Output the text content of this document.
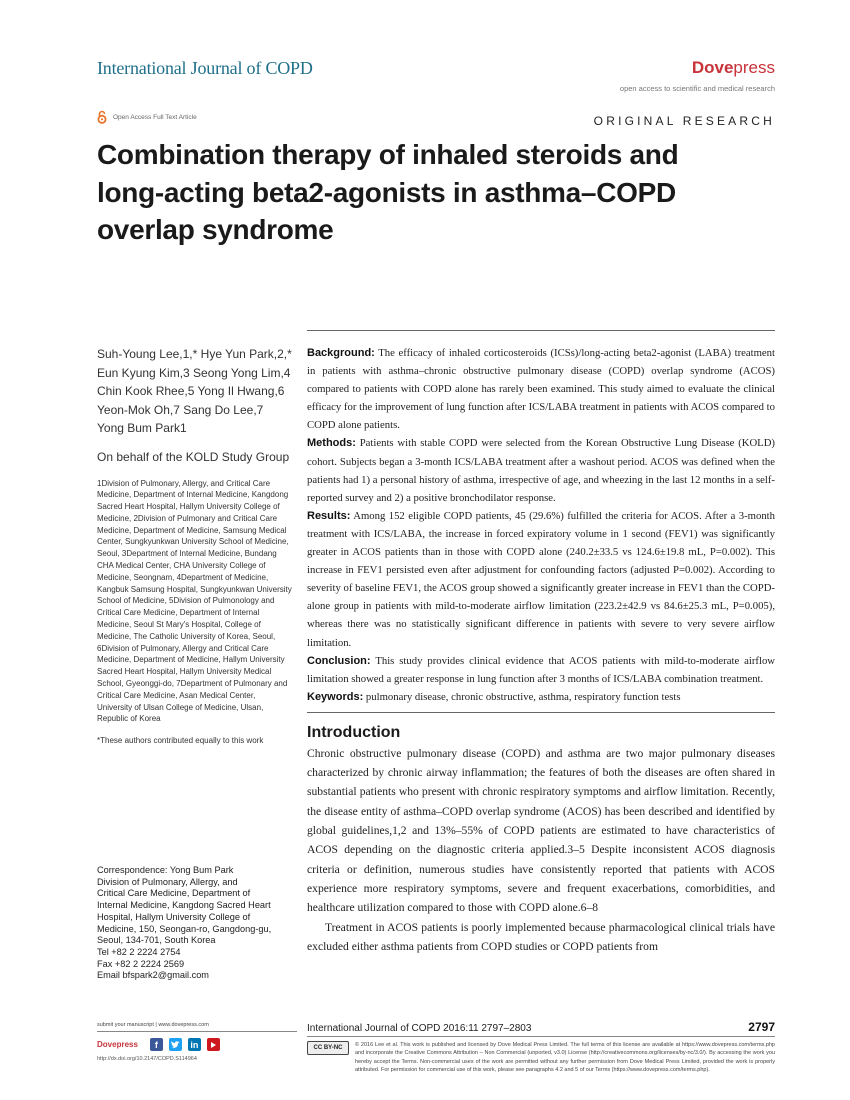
International Journal of COPD	Dovepress
open access to scientific and medical research
Open Access Full Text Article	ORIGINAL RESEARCH
Combination therapy of inhaled steroids and long-acting beta2-agonists in asthma–COPD overlap syndrome
Suh-Young Lee,1,* Hye Yun Park,2,* Eun Kyung Kim,3 Seong Yong Lim,4 Chin Kook Rhee,5 Yong Il Hwang,6 Yeon-Mok Oh,7 Sang Do Lee,7 Yong Bum Park1
On behalf of the KOLD Study Group
1Division of Pulmonary, Allergy, and Critical Care Medicine, Department of Internal Medicine, Kangdong Sacred Heart Hospital, Hallym University College of Medicine, 2Division of Pulmonary and Critical Care Medicine, Department of Medicine, Samsung Medical Center, Sungkyunkwan University School of Medicine, Seoul, 3Department of Internal Medicine, Bundang CHA Medical Center, CHA University College of Medicine, Seongnam, 4Department of Medicine, Kangbuk Samsung Hospital, Sungkyunkwan University School of Medicine, 5Division of Pulmonology and Critical Care Medicine, Department of Internal Medicine, Seoul St Mary's Hospital, College of Medicine, The Catholic University of Korea, Seoul, 6Division of Pulmonary, Allergy and Critical Care Medicine, Department of Medicine, Hallym University Sacred Heart Hospital, Hallym University Medical School, Gyeonggi-do, 7Department of Pulmonary and Critical Care Medicine, Asan Medical Center, University of Ulsan College of Medicine, Ulsan, Republic of Korea
*These authors contributed equally to this work
Correspondence: Yong Bum Park
Division of Pulmonary, Allergy, and
Critical Care Medicine, Department of
Internal Medicine, Kangdong Sacred Heart
Hospital, Hallym University College of
Medicine, 150, Seongan-ro, Gangdong-gu,
Seoul, 134-701, South Korea
Tel +82 2 2224 2754
Fax +82 2 2224 2569
Email bfspark2@gmail.com

Background: The efficacy of inhaled corticosteroids (ICSs)/long-acting beta2-agonist (LABA) treatment in patients with asthma–chronic obstructive pulmonary disease (COPD) overlap syndrome (ACOS) compared to patients with COPD alone has rarely been examined. This study aimed to evaluate the clinical efficacy for the improvement of lung function after ICS/LABA treatment in patients with ACOS compared to COPD alone patients.

Methods: Patients with stable COPD were selected from the Korean Obstructive Lung Disease (KOLD) cohort. Subjects began a 3-month ICS/LABA treatment after a washout period. ACOS was defined when the patients had 1) a personal history of asthma, irrespective of age, and wheezing in the last 12 months in a self-reported survey and 2) a positive bronchodilator response.

Results: Among 152 eligible COPD patients, 45 (29.6%) fulfilled the criteria for ACOS. After a 3-month treatment with ICS/LABA, the increase in forced expiratory volume in 1 second (FEV1) was significantly greater in ACOS patients than in those with COPD alone (240.2±33.5 vs 124.6±19.8 mL, P=0.002). This increase in FEV1 persisted even after adjustment for confounding factors (adjusted P=0.002). According to severity of baseline FEV1, the ACOS group showed a significantly greater increase in FEV1 than the COPD-alone group in patients with mild-to-moderate airflow limitation (223.2±42.9 vs 84.6±25.3 mL, P=0.005), whereas there was no statistically significant difference in patients with severe to very severe airflow limitation.

Conclusion: This study provides clinical evidence that ACOS patients with mild-to-moderate airflow limitation showed a greater response in lung function after 3 months of ICS/LABA combination treatment.

Keywords: pulmonary disease, chronic obstructive, asthma, respiratory function tests

Introduction

Chronic obstructive pulmonary disease (COPD) and asthma are two major pulmonary diseases characterized by chronic airway inflammation; the features of both the diseases are often shared in substantial patients who present with chronic respiratory symptoms and airflow limitation. Recently, the disease entity of asthma–COPD overlap syndrome (ACOS) has been described and identified by global guidelines,1,2 and 13%–55% of COPD patients are estimated to have characteristics of ACOS depending on the diagnostic criteria applied.3–5 Despite inconsistent ACOS diagnosis criteria or definition, numerous studies have consistently reported that patients with ACOS experience more respiratory symptoms, severe and frequent exacerbations, comorbidities, and healthcare utilization compared to those with COPD alone.6–8

Treatment in ACOS patients is poorly implemented because pharmacological clinical trials have excluded either asthma patients from COPD studies or COPD patients from

submit your manuscript | www.dovepress.com
Dovepress	f	in
http://dx.doi.org/10.2147/COPD.S114964
International Journal of COPD 2016:11 2797–2803	2797
CC BY-NC	© 2016 Lee et al. This work is published and licensed by Dove Medical Press Limited. The full terms of this license are available at https://www.dovepress.com/terms.php and incorporate the Creative Commons Attribution – Non Commercial (unported, v3.0) License (http://creativecommons.org/licenses/by-nc/3.0/). By accessing the work you hereby accept the Terms. Non-commercial uses of the work are permitted without any further permission from Dove Medical Press Limited, provided the work is properly attributed. For permission for commercial use of this work, please see paragraphs 4.2 and 5 of our Terms (https://www.dovepress.com/terms.php).
